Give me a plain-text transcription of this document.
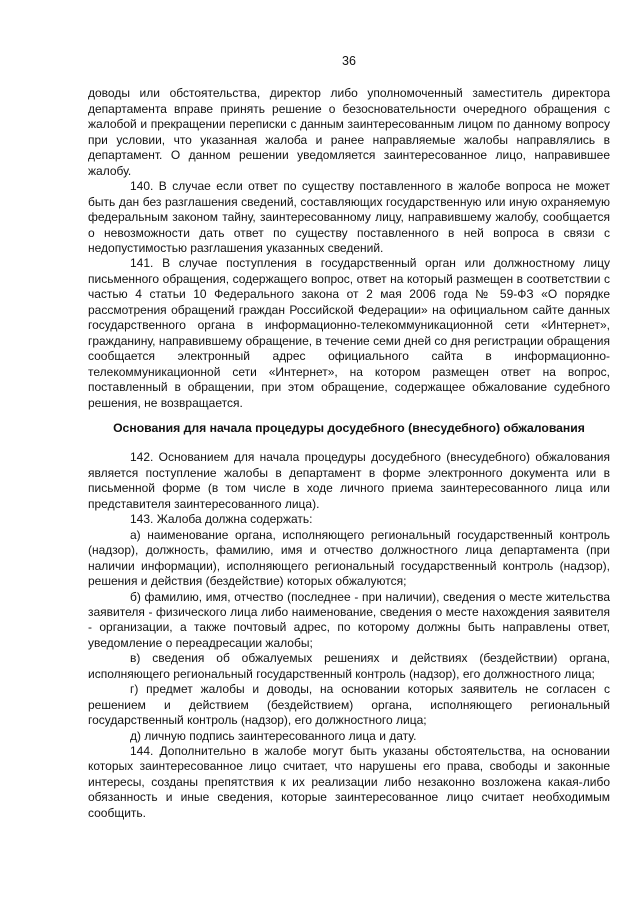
36

доводы или обстоятельства, директор либо уполномоченный заместитель директора департамента вправе принять решение о безосновательности очередного обращения с жалобой и прекращении переписки с данным заинтересованным лицом по данному вопросу при условии, что указанная жалоба и ранее направляемые жалобы направлялись в департамент. О данном решении уведомляется заинтересованное лицо, направившее жалобу.

140. В случае если ответ по существу поставленного в жалобе вопроса не может быть дан без разглашения сведений, составляющих государственную или иную охраняемую федеральным законом тайну, заинтересованному лицу, направившему жалобу, сообщается о невозможности дать ответ по существу поставленного в ней вопроса в связи с недопустимостью разглашения указанных сведений.

141. В случае поступления в государственный орган или должностному лицу письменного обращения, содержащего вопрос, ответ на который размещен в соответствии с частью 4 статьи 10 Федерального закона от 2 мая 2006 года № 59-ФЗ «О порядке рассмотрения обращений граждан Российской Федерации» на официальном сайте данных государственного органа в информационно-телекоммуникационной сети «Интернет», гражданину, направившему обращение, в течение семи дней со дня регистрации обращения сообщается электронный адрес официального сайта в информационно-телекоммуникационной сети «Интернет», на котором размещен ответ на вопрос, поставленный в обращении, при этом обращение, содержащее обжалование судебного решения, не возвращается.

Основания для начала процедуры досудебного (внесудебного) обжалования

142. Основанием для начала процедуры досудебного (внесудебного) обжалования является поступление жалобы в департамент в форме электронного документа или в письменной форме (в том числе в ходе личного приема заинтересованного лица или представителя заинтересованного лица).

143. Жалоба должна содержать:

а) наименование органа, исполняющего региональный государственный контроль (надзор), должность, фамилию, имя и отчество должностного лица департамента (при наличии информации), исполняющего региональный государственный контроль (надзор), решения и действия (бездействие) которых обжалуются;

б) фамилию, имя, отчество (последнее - при наличии), сведения о месте жительства заявителя - физического лица либо наименование, сведения о месте нахождения заявителя - организации, а также почтовый адрес, по которому должны быть направлены ответ, уведомление о переадресации жалобы;

в) сведения об обжалуемых решениях и действиях (бездействии) органа, исполняющего региональный государственный контроль (надзор), его должностного лица;

г) предмет жалобы и доводы, на основании которых заявитель не согласен с решением и действием (бездействием) органа, исполняющего региональный государственный контроль (надзор), его должностного лица;

д) личную подпись заинтересованного лица и дату.

144. Дополнительно в жалобе могут быть указаны обстоятельства, на основании которых заинтересованное лицо считает, что нарушены его права, свободы и законные интересы, созданы препятствия к их реализации либо незаконно возложена какая-либо обязанность и иные сведения, которые заинтересованное лицо считает необходимым сообщить.
